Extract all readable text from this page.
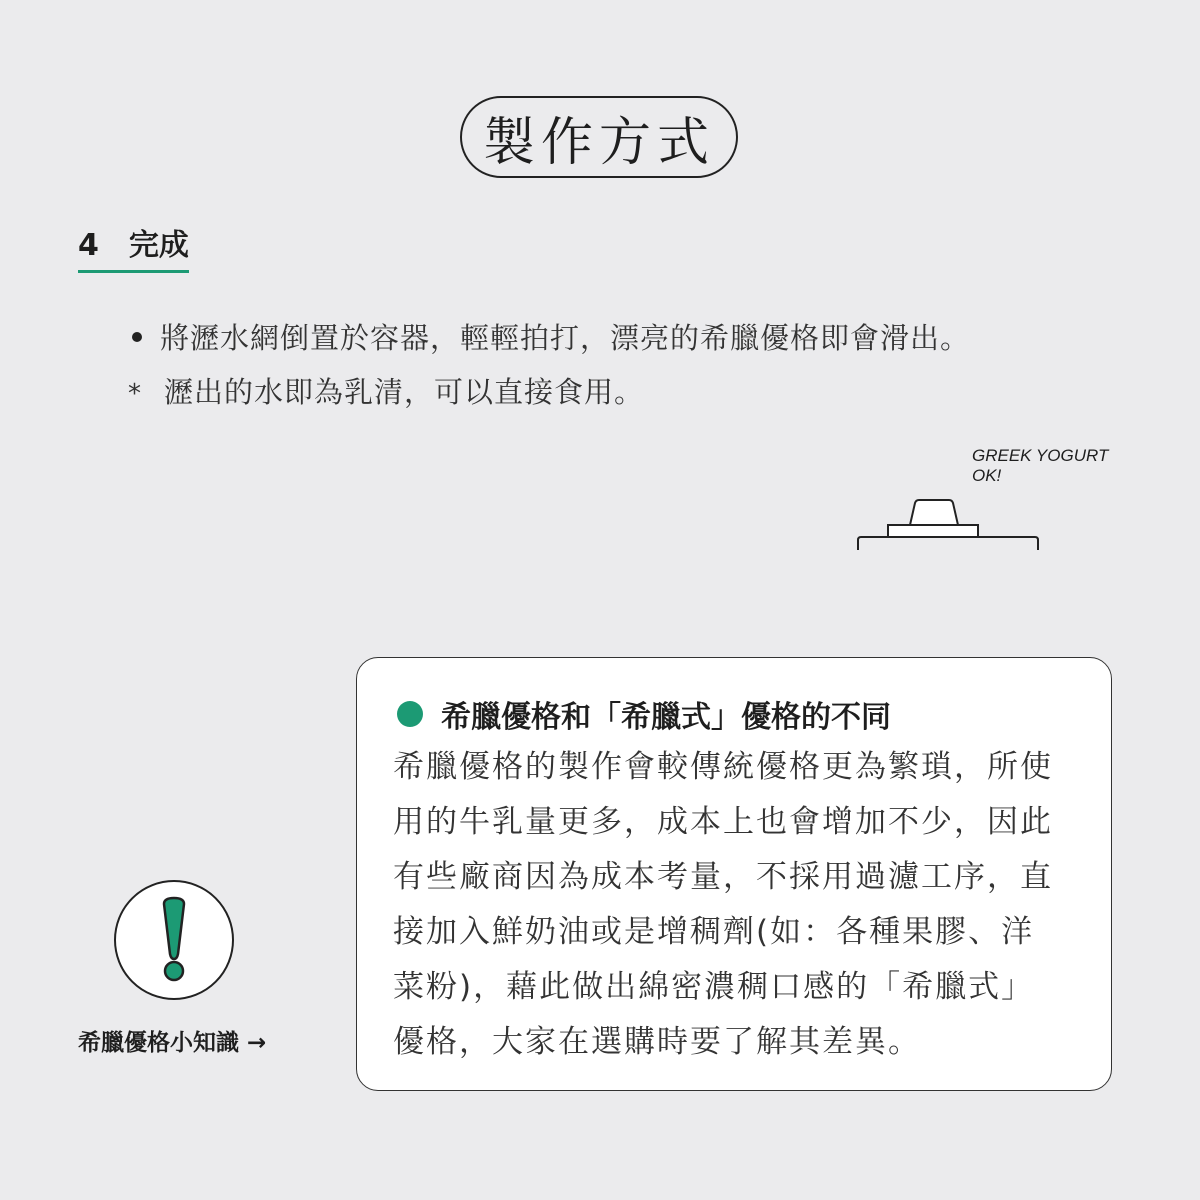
製作方式
4 完成
將瀝水網倒置於容器，輕輕拍打，漂亮的希臘優格即會滑出。
* 瀝出的水即為乳清，可以直接食用。
GREEK YOGURT
OK!
希臘優格和「希臘式」優格的不同
希臘優格的製作會較傳統優格更為繁瑣，所使
用的牛乳量更多，成本上也會增加不少，因此
有些廠商因為成本考量，不採用過濾工序，直
接加入鮮奶油或是增稠劑(如：各種果膠、洋
菜粉)，藉此做出綿密濃稠口感的「希臘式」
優格，大家在選購時要了解其差異。
希臘優格小知識 →
